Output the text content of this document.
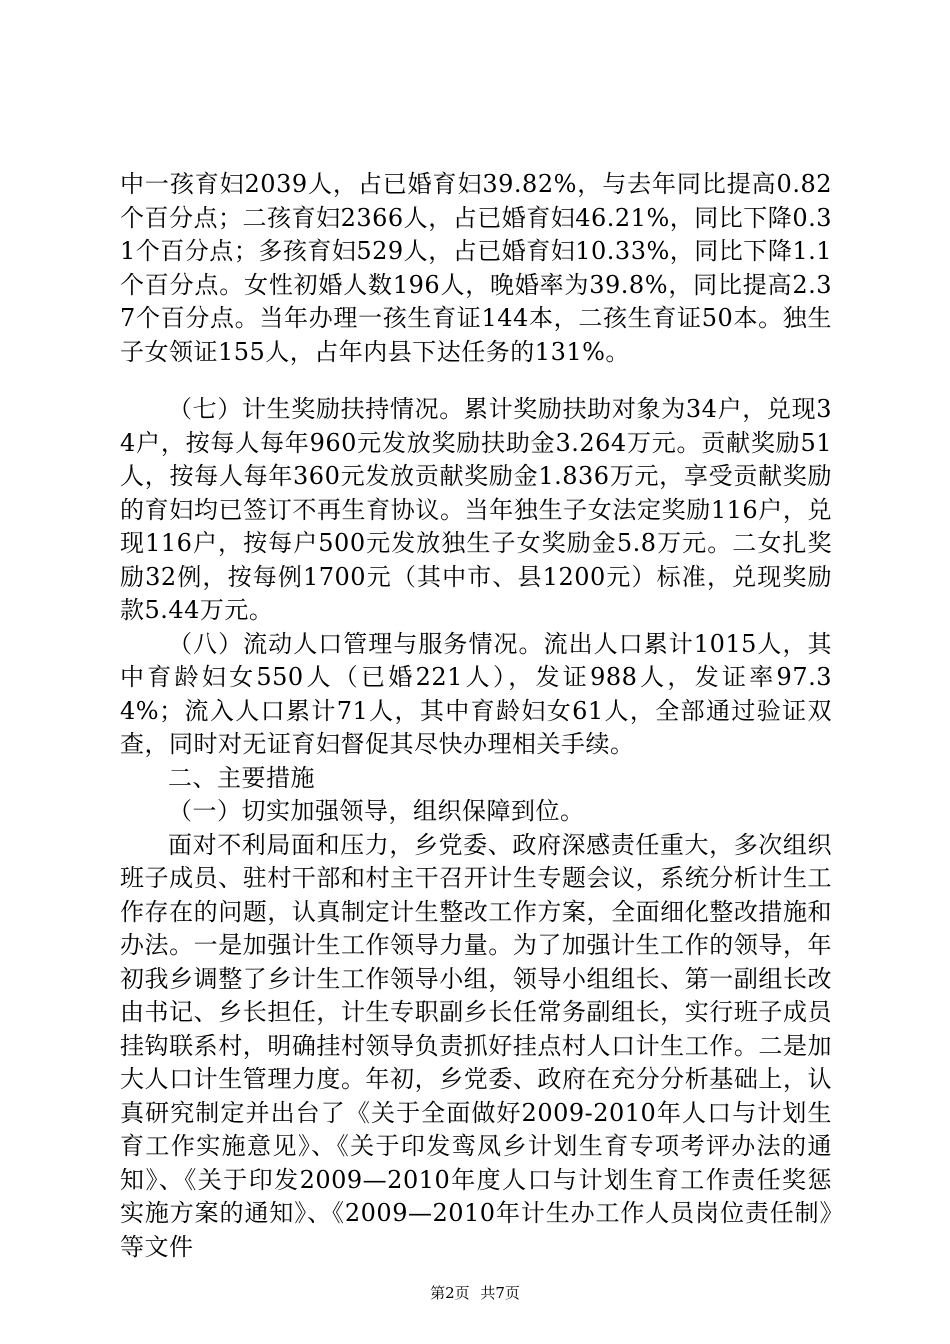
中一孩育妇2039人，占已婚育妇39.82%，与去年同比提高0.82个百分点；二孩育妇2366人，占已婚育妇46.21%，同比下降0.31个百分点；多孩育妇529人，占已婚育妇10.33%，同比下降1.1个百分点。女性初婚人数196人，晚婚率为39.8%，同比提高2.37个百分点。当年办理一孩生育证144本，二孩生育证50本。独生子女领证155人，占年内县下达任务的131%。

（七）计生奖励扶持情况。累计奖励扶助对象为34户，兑现34户，按每人每年960元发放奖励扶助金3.264万元。贡献奖励51人，按每人每年360元发放贡献奖励金1.836万元，享受贡献奖励的育妇均已签订不再生育协议。当年独生子女法定奖励116户，兑现116户，按每户500元发放独生子女奖励金5.8万元。二女扎奖励32例，按每例1700元（其中市、县1200元）标准，兑现奖励款5.44万元。

（八）流动人口管理与服务情况。流出人口累计1015人，其中育龄妇女550人（已婚221人），发证988人，发证率97.34%；流入人口累计71人，其中育龄妇女61人，全部通过验证双查，同时对无证育妇督促其尽快办理相关手续。

二、主要措施

（一）切实加强领导，组织保障到位。

面对不利局面和压力，乡党委、政府深感责任重大，多次组织班子成员、驻村干部和村主干召开计生专题会议，系统分析计生工作存在的问题，认真制定计生整改工作方案，全面细化整改措施和办法。一是加强计生工作领导力量。为了加强计生工作的领导，年初我乡调整了乡计生工作领导小组，领导小组组长、第一副组长改由书记、乡长担任，计生专职副乡长任常务副组长，实行班子成员挂钩联系村，明确挂村领导负责抓好挂点村人口计生工作。二是加大人口计生管理力度。年初，乡党委、政府在充分分析基础上，认真研究制定并出台了《关于全面做好2009-2010年人口与计划生育工作实施意见》、《关于印发鸾凤乡计划生育专项考评办法的通知》、《关于印发2009—2010年度人口与计划生育工作责任奖惩实施方案的通知》、《2009—2010年计生办工作人员岗位责任制》等文件

第2页 共7页
